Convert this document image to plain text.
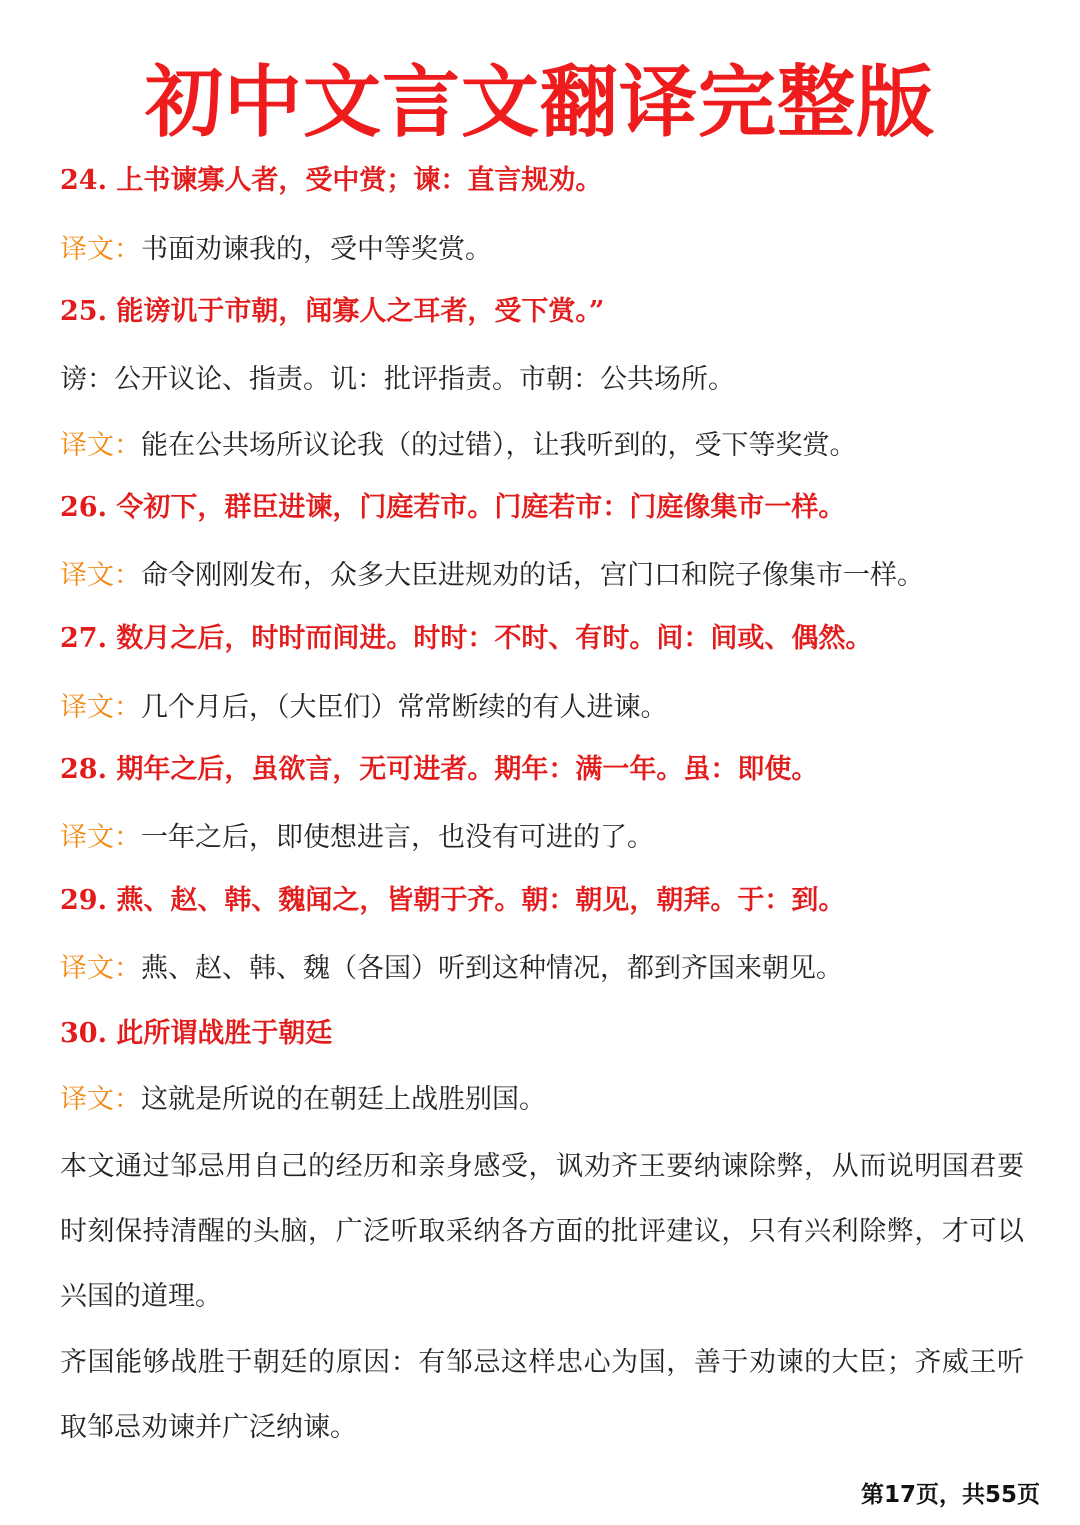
初中文言文翻译完整版
24. 上书谏寡人者，受中赏；谏：直言规劝。
译文：书面劝谏我的，受中等奖赏。
25. 能谤讥于市朝，闻寡人之耳者，受下赏。”
谤：公开议论、指责。讥：批评指责。市朝：公共场所。
译文：能在公共场所议论我（的过错），让我听到的，受下等奖赏。
26. 令初下，群臣进谏，门庭若市。门庭若市：门庭像集市一样。
译文：命令刚刚发布，众多大臣进规劝的话，宫门口和院子像集市一样。
27. 数月之后，时时而间进。时时：不时、有时。间：间或、偶然。
译文：几个月后，（大臣们）常常断续的有人进谏。
28. 期年之后，虽欲言，无可进者。期年：满一年。虽：即使。
译文：一年之后，即使想进言，也没有可进的了。
29. 燕、赵、韩、魏闻之，皆朝于齐。朝：朝见，朝拜。于：到。
译文：燕、赵、韩、魏（各国）听到这种情况，都到齐国来朝见。
30. 此所谓战胜于朝廷
译文：这就是所说的在朝廷上战胜别国。
本文通过邹忌用自己的经历和亲身感受，讽劝齐王要纳谏除弊，从而说明国君要时刻保持清醒的头脑，广泛听取采纳各方面的批评建议，只有兴利除弊，才可以兴国的道理。
齐国能够战胜于朝廷的原因：有邹忌这样忠心为国，善于劝谏的大臣；齐威王听取邹忌劝谏并广泛纳谏。
第17页，共55页
